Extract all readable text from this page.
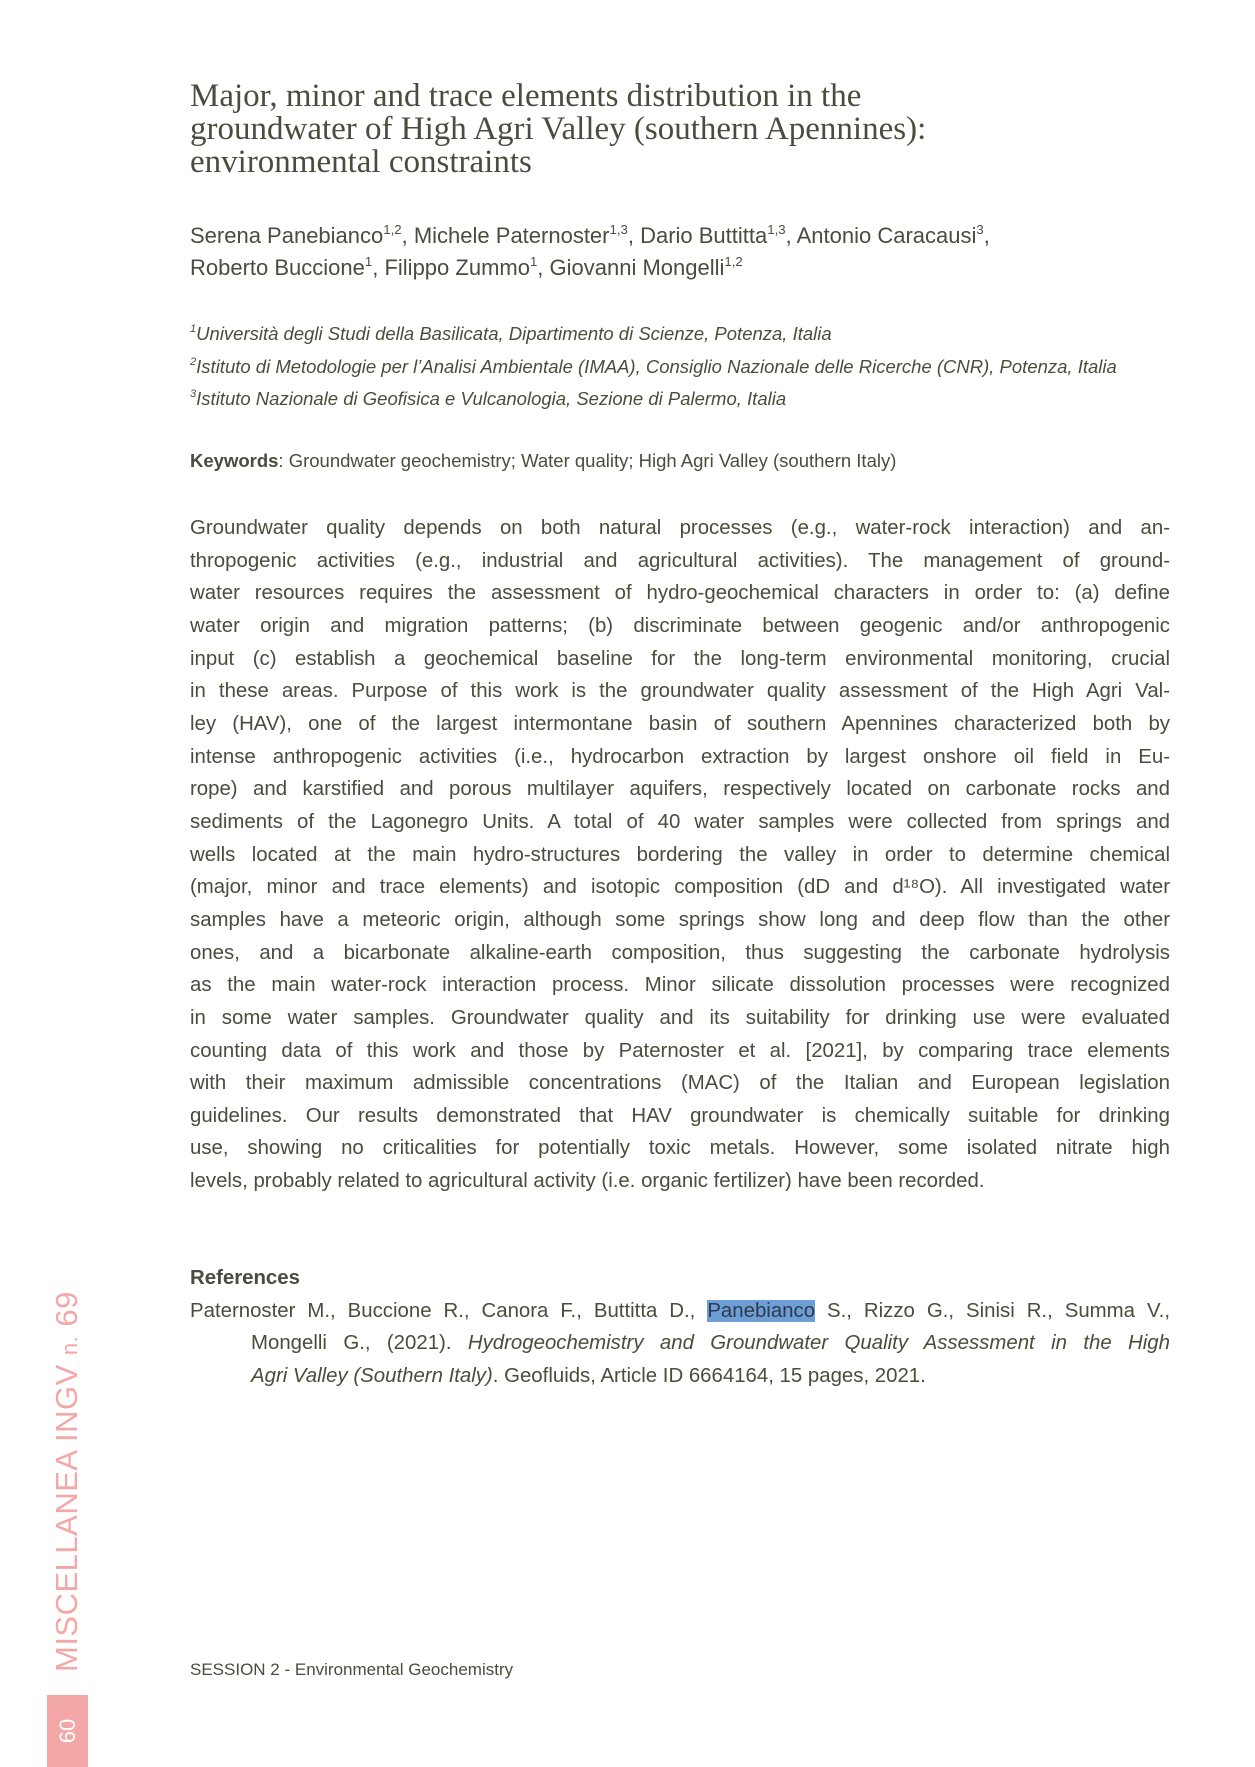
Major, minor and trace elements distribution in the
groundwater of High Agri Valley (southern Apennines):
environmental constraints
Serena Panebianco$^{1,2}$, Michele Paternoster$^{1,3}$, Dario Buttitta$^{1,3}$, Antonio Caracausi$^3$,
Roberto Buccione$^1$, Filippo Zummo$^1$, Giovanni Mongelli$^{1,2}$
$^1$Università degli Studi della Basilicata, Dipartimento di Scienze, Potenza, Italia
$^2$Istituto di Metodologie per l’Analisi Ambientale (IMAA), Consiglio Nazionale delle Ricerche (CNR), Potenza, Italia
$^3$Istituto Nazionale di Geofisica e Vulcanologia, Sezione di Palermo, Italia
Keywords: Groundwater geochemistry; Water quality; High Agri Valley (southern Italy)
Groundwater quality depends on both natural processes (e.g., water-rock interaction) and an-
thropogenic activities (e.g., industrial and agricultural activities). The management of ground-
water resources requires the assessment of hydro-geochemical characters in order to: (a) define
water origin and migration patterns; (b) discriminate between geogenic and/or anthropogenic
input (c) establish a geochemical baseline for the long-term environmental monitoring, crucial
in these areas. Purpose of this work is the groundwater quality assessment of the High Agri Val-
ley (HAV), one of the largest intermontane basin of southern Apennines characterized both by
intense anthropogenic activities (i.e., hydrocarbon extraction by largest onshore oil field in Eu-
rope) and karstified and porous multilayer aquifers, respectively located on carbonate rocks and
sediments of the Lagonegro Units. A total of 40 water samples were collected from springs and
wells located at the main hydro-structures bordering the valley in order to determine chemical
(major, minor and trace elements) and isotopic composition (dD and d¹⁸O). All investigated water
samples have a meteoric origin, although some springs show long and deep flow than the other
ones, and a bicarbonate alkaline-earth composition, thus suggesting the carbonate hydrolysis
as the main water-rock interaction process. Minor silicate dissolution processes were recognized
in some water samples. Groundwater quality and its suitability for drinking use were evaluated
counting data of this work and those by Paternoster et al. [2021], by comparing trace elements
with their maximum admissible concentrations (MAC) of the Italian and European legislation
guidelines. Our results demonstrated that HAV groundwater is chemically suitable for drinking
use, showing no criticalities for potentially toxic metals. However, some isolated nitrate high
levels, probably related to agricultural activity (i.e. organic fertilizer) have been recorded.
References
Paternoster M., Buccione R., Canora F., Buttitta D., Panebianco S., Rizzo G., Sinisi R., Summa V.,
Mongelli G., (2021). Hydrogeochemistry and Groundwater Quality Assessment in the High
Agri Valley (Southern Italy). Geofluids, Article ID 6664164, 15 pages, 2021.
SESSION 2 - Environmental Geochemistry
MISCELLANEA INGV n. 69
60
